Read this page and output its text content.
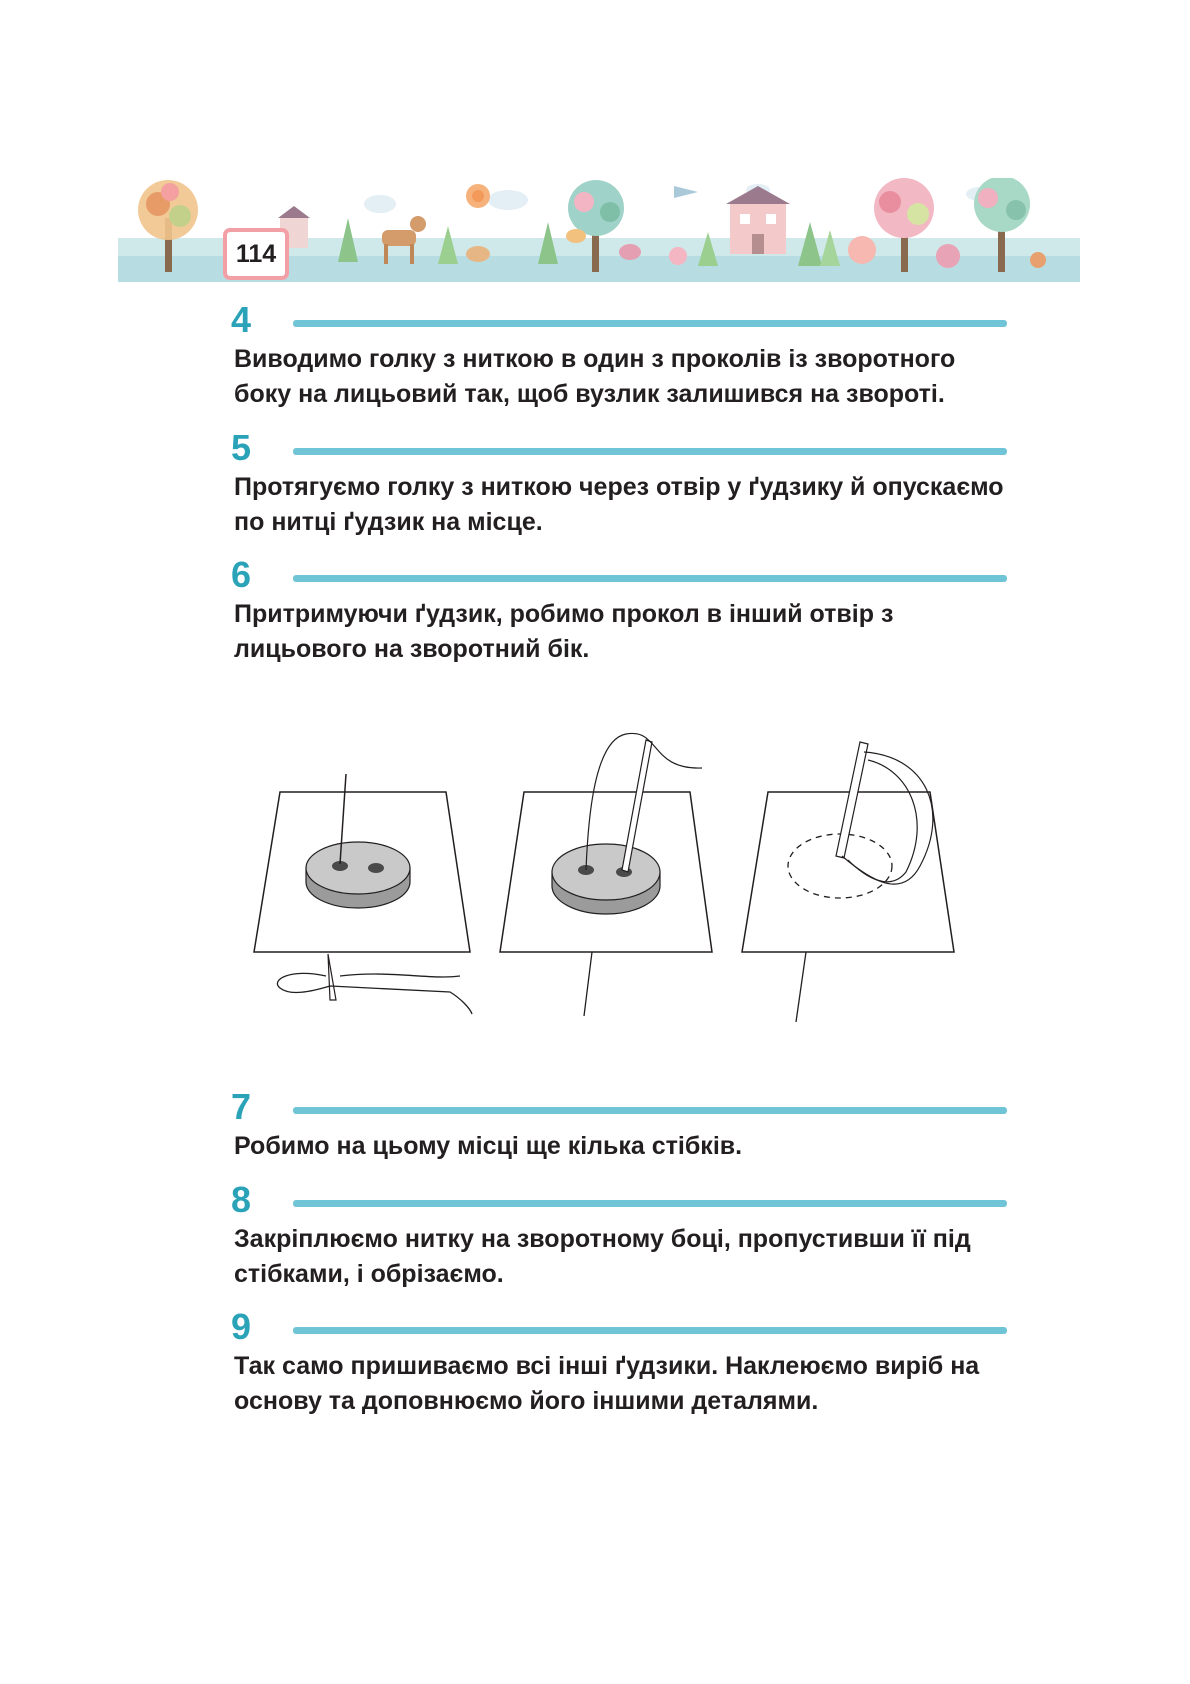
114
4

Виводимо голку з ниткою в один з проколів із зворотного боку на лицьовий так, щоб вузлик залишився на звороті.

5

Протягуємо голку з ниткою через отвір у ґудзику й опускаємо по нитці ґудзик на місце.

6

Притримуючи ґудзик, робимо прокол в інший отвір з лицьового на зворотний бік.

7

Робимо на цьому місці ще кілька стібків.

8

Закріплюємо нитку на зворотному боці, пропустивши її під стібками, і обрізаємо.

9

Так само пришиваємо всі інші ґудзики. Наклеюємо виріб на основу та доповнюємо його іншими деталями.
